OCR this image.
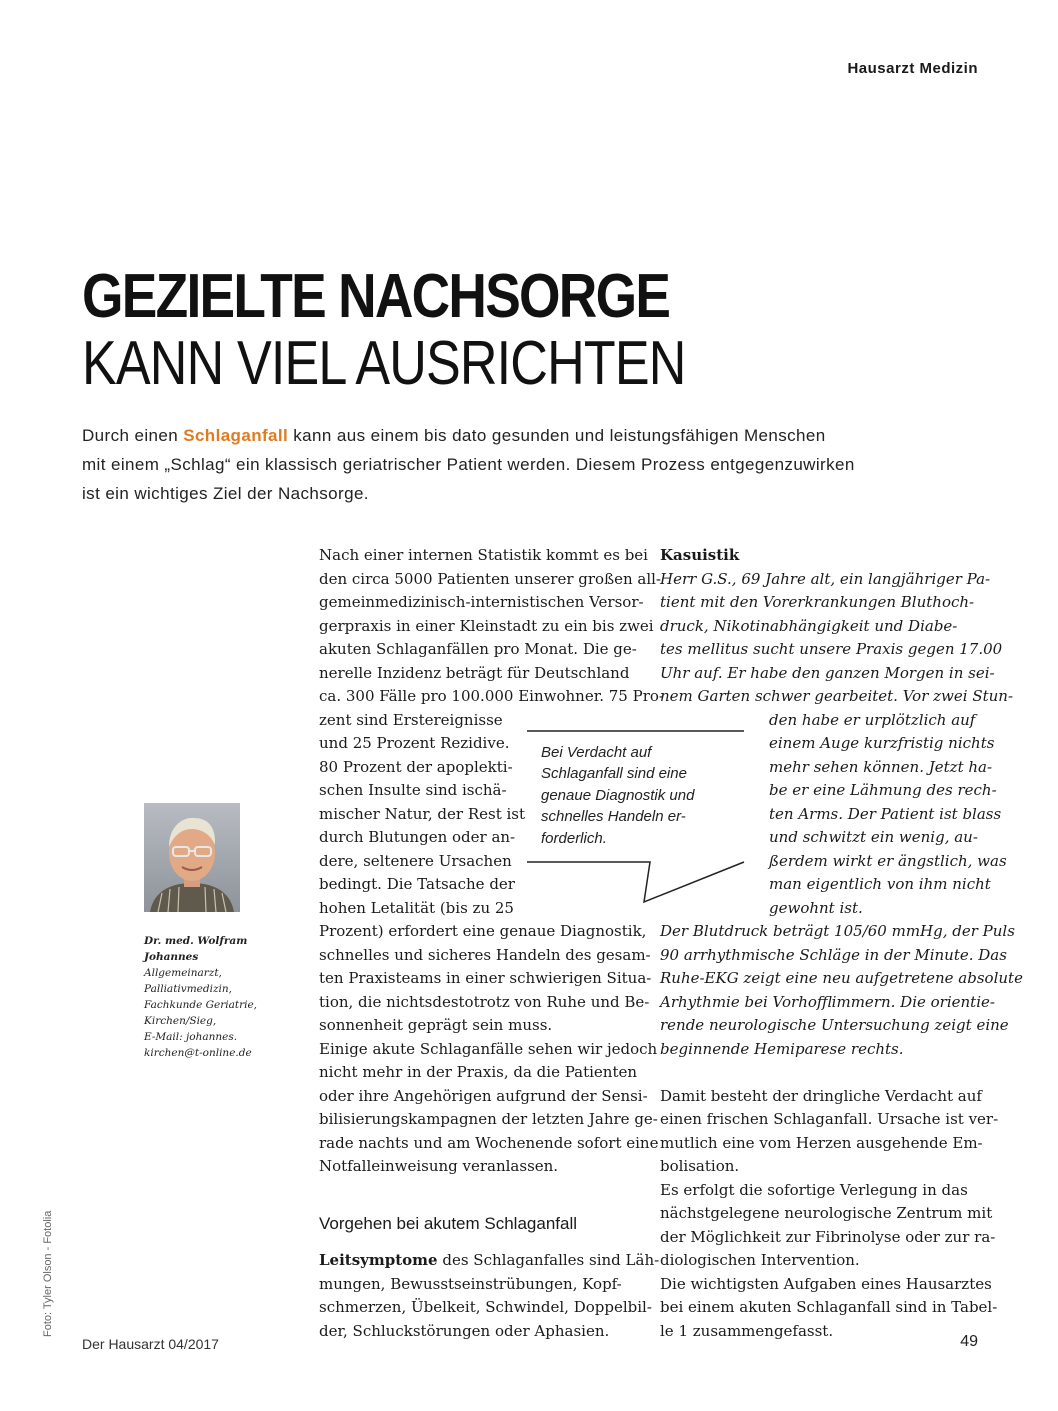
Hausarzt Medizin
GEZIELTE NACHSORGE
KANN VIEL AUSRICHTEN
Durch einen Schlaganfall kann aus einem bis dato gesunden und leistungsfähigen Menschen
mit einem „Schlag“ ein klassisch geriatrischer Patient werden. Diesem Prozess entgegenzuwirken
ist ein wichtiges Ziel der Nachsorge.
Nach einer internen Statistik kommt es bei
den circa 5000 Patienten unserer großen all-
gemeinmedizinisch-internistischen Versor-
gerpraxis in einer Kleinstadt zu ein bis zwei
akuten Schlaganfällen pro Monat. Die ge-
nerelle Inzidenz beträgt für Deutschland
ca. 300 Fälle pro 100.000 Einwohner. 75 Pro-
zent sind Erstereignisse
und 25 Prozent Rezidive.
80 Prozent der apoplekti-
schen Insulte sind ischä-
mischer Natur, der Rest ist
durch Blutungen oder an-
dere, seltenere Ursachen
bedingt. Die Tatsache der
hohen Letalität (bis zu 25
Prozent) erfordert eine genaue Diagnostik,
schnelles und sicheres Handeln des gesam-
ten Praxisteams in einer schwierigen Situa-
tion, die nichtsdestotrotz von Ruhe und Be-
sonnenheit geprägt sein muss.
Einige akute Schlaganfälle sehen wir jedoch
nicht mehr in der Praxis, da die Patienten
oder ihre Angehörigen aufgrund der Sensi-
bilisierungskampagnen der letzten Jahre ge-
rade nachts und am Wochenende sofort eine
Notfalleinweisung veranlassen.
Vorgehen bei akutem Schlaganfall
Leitsymptome des Schlaganfalles sind Läh-
mungen, Bewusstseinstrübungen, Kopf-
schmerzen, Übelkeit, Schwindel, Doppelbil-
der, Schluckstörungen oder Aphasien.
Kasuistik
Herr G.S., 69 Jahre alt, ein langjähriger Pa-
tient mit den Vorerkrankungen Bluthoch-
druck, Nikotinabhängigkeit und Diabe-
tes mellitus sucht unsere Praxis gegen 17.00
Uhr auf. Er habe den ganzen Morgen in sei-
nem Garten schwer gearbeitet. Vor zwei Stun-
den habe er urplötzlich auf
einem Auge kurzfristig nichts
mehr sehen können. Jetzt ha-
be er eine Lähmung des rech-
ten Arms. Der Patient ist blass
und schwitzt ein wenig, au-
ßerdem wirkt er ängstlich, was
man eigentlich von ihm nicht
gewohnt ist.
Der Blutdruck beträgt 105/60 mmHg, der Puls
90 arrhythmische Schläge in der Minute. Das
Ruhe-EKG zeigt eine neu aufgetretene absolute
Arhythmie bei Vorhofflimmern. Die orientie-
rende neurologische Untersuchung zeigt eine
beginnende Hemiparese rechts.
Damit besteht der dringliche Verdacht auf
einen frischen Schlaganfall. Ursache ist ver-
mutlich eine vom Herzen ausgehende Em-
bolisation.
Es erfolgt die sofortige Verlegung in das
nächstgelegene neurologische Zentrum mit
der Möglichkeit zur Fibrinolyse oder zur ra-
diologischen Intervention.
Die wichtigsten Aufgaben eines Hausarztes
bei einem akuten Schlaganfall sind in Tabel-
le 1 zusammengefasst.
Bei Verdacht auf
Schlaganfall sind eine
genaue Diagnostik und
schnelles Handeln er-
forderlich.
Dr. med. Wolfram
Johannes
Allgemeinarzt,
Palliativmedizin,
Fachkunde Geriatrie,
Kirchen/Sieg,
E-Mail: johannes.
kirchen@t-online.de
Foto: Tyler Olson - Fotolia
Der Hausarzt 04/2017	49
